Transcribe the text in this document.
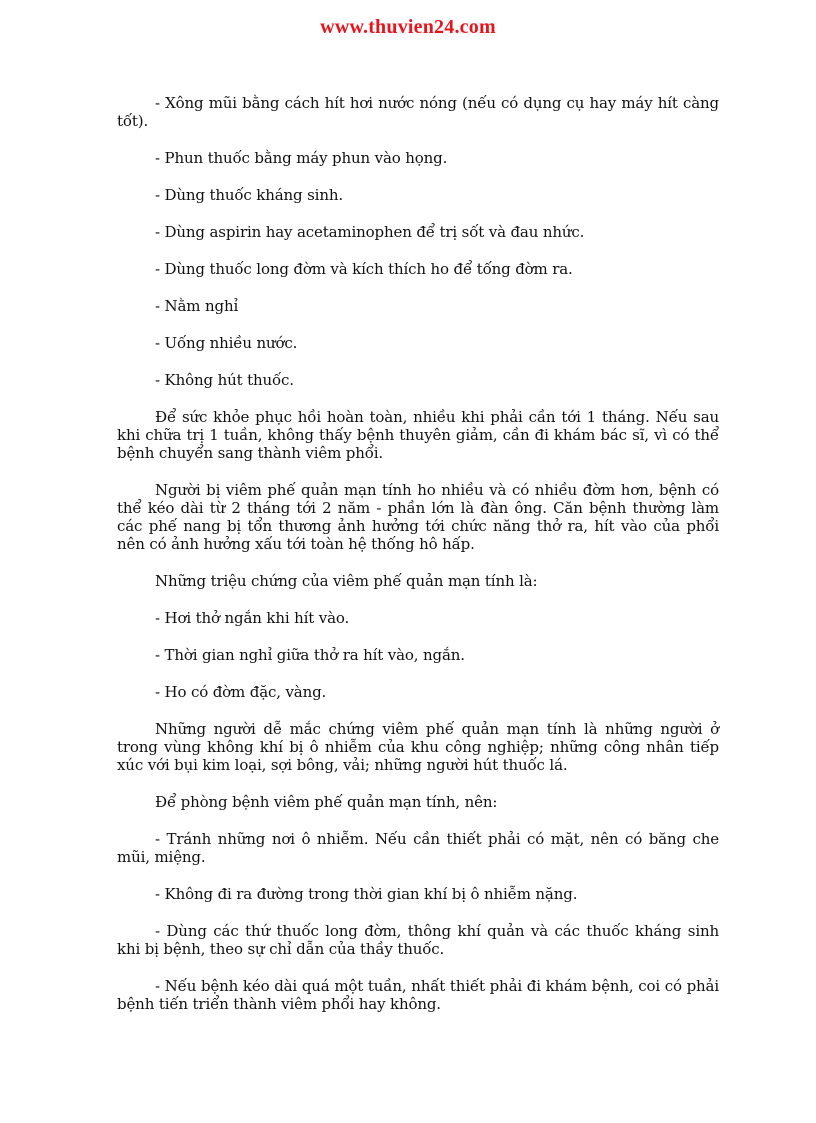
www.thuvien24.com

- Xông mũi bằng cách hít hơi nước nóng (nếu có dụng cụ hay máy hít càng tốt).

- Phun thuốc bằng máy phun vào họng.

- Dùng thuốc kháng sinh.

- Dùng aspirin hay acetaminophen để trị sốt và đau nhức.

- Dùng thuốc long đờm và kích thích ho để tống đờm ra.

- Nằm nghỉ

- Uống nhiều nước.

- Không hút thuốc.

Để sức khỏe phục hồi hoàn toàn, nhiều khi phải cần tới 1 tháng. Nếu sau khi chữa trị 1 tuần, không thấy bệnh thuyên giảm, cần đi khám bác sĩ, vì có thể bệnh chuyển sang thành viêm phổi.

Người bị viêm phế quản mạn tính ho nhiều và có nhiều đờm hơn, bệnh có thể kéo dài từ 2 tháng tới 2 năm - phần lớn là đàn ông. Căn bệnh thường làm các phế nang bị tổn thương ảnh hưởng tới chức năng thở ra, hít vào của phổi nên có ảnh hưởng xấu tới toàn hệ thống hô hấp.

Những triệu chứng của viêm phế quản mạn tính là:

- Hơi thở ngắn khi hít vào.

- Thời gian nghỉ giữa thở ra hít vào, ngắn.

- Ho có đờm đặc, vàng.

Những người dễ mắc chứng viêm phế quản mạn tính là những người ở trong vùng không khí bị ô nhiễm của khu công nghiệp; những công nhân tiếp xúc với bụi kim loại, sợi bông, vải; những người hút thuốc lá.

Để phòng bệnh viêm phế quản mạn tính, nên:

- Tránh những nơi ô nhiễm. Nếu cần thiết phải có mặt, nên có băng che mũi, miệng.

- Không đi ra đường trong thời gian khí bị ô nhiễm nặng.

- Dùng các thứ thuốc long đờm, thông khí quản và các thuốc kháng sinh khi bị bệnh, theo sự chỉ dẫn của thầy thuốc.

- Nếu bệnh kéo dài quá một tuần, nhất thiết phải đi khám bệnh, coi có phải bệnh tiến triển thành viêm phổi hay không.
